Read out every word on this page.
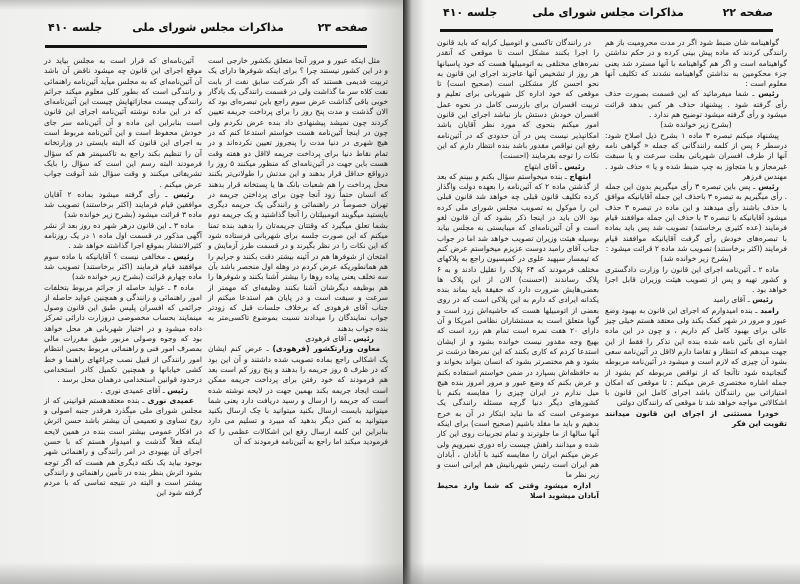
صفحه ۲۳
مذاکرات مجلس شورای ملی
جلسه ۴۱۰

مثل اینکه عبور و مرور آنجا متعلق بکشور خارجی است و در این کشور نیستند چرا ؟ برای اینکه شوفرها دارای یک تربیت قدیمی هستند که اگر شرکت سابق نفت از بابت نفت کلاه سر ما گذاشت ولی در قسمت رانندگی یک یادگار خوبی باقی گذاشت عرض سوم راجع باین تبصره‌ای بود که الان گذشت و مدت پنج روز را برای پرداخت جریمه تعیین کردند چون نمیشد پیشنهادی داد بنده عرض نکردم ولی چون در اینجا آئین‌نامه هست خواستم استدعا کنم که در هیچ شهری در دنیا مدت را پنجروز تعیین نکرده‌اند و در تمام نقاط دنیا برای پرداخت جریمه لااقل دو هفته وقت هست باین جهت در آئین‌نامه‌ای که منظور میکنند ۵ روز را درواقع حداقل قرار بدهند و این مدتش را طولانی‌تر بکنند محل پرداخت را هم شعبات بانک ها یا پستخانه قرار بدهند که انسان حتماً زود آنجا چون برای پرداختن جریمه در تهران خصوصاً در راهنمائی و رانندگی یک جریمه دیگری بایستید میگویند اتومبیلتان را آنجا گذاشتید و یک جریمه دوم بشما تعلق میگیرد که وقتتان جریمه‌تان را بدهید بنده تمنا میکنم که این صورت جلسه برای شهربانی فرستاده شود که این نکات را در نظر بگیرند و در قسمت طرز آزمایش و امتحان از شوفرها هم در آئینه بیشتر دقت بکنند و جرایم را هم همانطوریکه عرض کردم در وهله اول منحصر باشد بآن سه تخلف یعنی پیاده روها را بیشتر آشنا بکنند و شوفرها را هم بوظیفه دیگرشان آشنا بکنند وظیفه‌ای که مهمتر از سرعت و سبقت است و در پایان هم استدعا میکنم از جناب آقای فرهودی که برخلاف جلسات قبل که زودتر جواب نمایندگان را میدادند نسبت بموضوع تاکسی‌متر به بنده جواب بدهند

رئیس ـ آقای فرهودی

معاون وزارتکشور (فرهودی) ـ عرض کنم ایشان یک اشکالی راجع بماده تصویب شده داشتند و آن این بود که در ظرف ۵ روز جریمه را بدهند و پنج روز کم است بعد هم فرمودند که خود رفتن برای پرداخت جریمه ممکن است ایجاد جریمه بکند بهمین جهت در لایحه نوشته شده است که جریمه را ارسال و رسید دریافت دارد یعنی شما میتوانید بایست ارسال بکنید میتوانید با چک ارسال بکنید میتوانید به کس دیگر بدهید که میبرد و تسلیم می دارد بنابراین این کلمه ارسال رفع این اشکالات عظمی را که فرمودید میکند اما راجع به آئین‌نامه فرمودند که آن

آئین‌نامه‌ای که قرار است به مجلس بیاید در موقع اجرای این قانون چه میشود ناقض آن باشد آن آئین‌نامه‌ای که به مجلس میآید آئین‌نامه راهنمائی و رانندگی است که بطور کلی معلوم میکند جرائم رانندگی چیست مجازاتهایش چیست این آئین‌نامه‌ای که در این ماده نوشته آئین‌نامه اجرای این قانون است بنابراین این ماده و آن آئین‌نامه سر جای خودش محفوظ است و این آئین‌نامه مربوط است به اجرای این قانون که البته بایستی در وزارتخانه آن را تنظیم بکند راجع به تاکسیمتر هم که سؤال فرمودند البته رسم این است که سؤال را بایک تشریفاتی میکنند و وقت سؤال شد آنوقت جواب عرض میکنم .

رئیس ـ رأی گرفته میشود بماده ۲ آقایان موافقین قیام فرمایند (اکثر برخاستند) تصویب شد ماده ۳ قرائت میشود (بشرح زیر خوانده شد)

ماده ۳ ـ این قانون درهر شهر ده روز بعد از نشر آگهی مذکور در قسمت اول ماده ۱ در یک روزنامه کثیرالانتشار بموقع اجرا گذاشته خواهد شد .

رئیس ـ مخالفی نیست ؟ آقایانیکه با ماده سوم موافقند قیام فرمایند (اکثر برخاستند) تصویب شد ماده چهارم قرائت (بشرح زیر خوانده شد)

ماده ۴ ـ عواید حاصله از جرائم مربوط بتخلفات امور راهنمائی و رانندگی و همچنین عواید حاصله از جرائمی که افسران پلیس طبق این قانون وصول مینمایند بحساب مخصوصی دروزارت دارائی تمرکز داده میشود و در اختیار شهربانی هر محل خواهد بود که وجوه وصولی مزبور طبق مقررات مالی بمصرف امور فنی و راهنمائی مربوط بحسن انتظام امور رانندگی از قبیل نصب چراغهای راهنما و خط کشی خیابانها و همچنین تکمیل کادر استخدامی درحدود قوانین استخدامی درهمان محل برسد .

رئیس ـ آقای عمیدی نوری .

عمیدی نوری ـ بنده معتقدهستم قوانینی که از مجلس شورای ملی میگذرد هرقدر جنبه اصولی و روح تساوی و تعمیمی آن بیشتر باشد حسن اثرش در افکار عمومی بیشتر است بنده در همین لایحه اینکه فعلاً گذشت و امیدوار هستم که با حسن اجرای آن بهبودی در امر رانندگی و راهنمائی شهر بوجود بیاید یک نکته دیگری هم هست که اگر توجه بشود اثرش بنظر بنده در تأمین راهنمائی و رانندگی بیشتر است و البته در نتیجه تماسی که با مردم گرفته شود این

صفحه ۲۲
مذاکرات مجلس شورای ملی
جلسه ۴۱۰

گواهینامه شان ضبط شود اگر در مدت محرومیت باز هم رانندگی کردند که ماده پیش بینی کرده و در حکم نداشتن گواهینامه است و اگر هم گواهینامه با آنها مسترد شد یعنی جزء محکومین به نداشتن گواهینامه نشدند که تکلیف آنها معلوم است :

رئیس ـ شما میفرمائید که این قسمت بصورت حذف رأی گرفته شود . پیشنهاد حذف هر کس بدهد قرائت میشود و رأی گرفته میشود توضیح هم ندارد .

(بشرح زیر خوانده شد)

پیشنهاد میکنم تبصره ۳ ماده ۱ بشرح ذیل اصلاح شود: درسطر ۶ پس از کلمه رانندگانی که جمله « گواهی نامه آنها از طرف افسران شهربانی بعلت سرعت و یا سبقت غیرمجاز و یا متجاوز به چپ ضبط شده و یا » حذف شود . مهندس فرزهر

رئیس ـ پس باین تبصره ۳ رأی میگیریم بدون این جمله . رأی میگیریم به تبصره ۳ باحذف این جمله آقایانیکه موافق با حذف باشند رأی میدهند و این ماده در تبصره ۳ حذف میشود آقایانیکه با تبصره ۳ با حذف این جمله موافقند قیام فرمایند (عده کثیری برخاستند) تصویب شد پس باید بماده با تبصره‌های خودش رأی گرفت آقایانیکه موافقند قیام فرمایند (اکثر برخاستند) تصویب شد ماده ۲ قرائت میشود :

(بشرح زیر خوانده شد)

ماده ۲ ـ آئین‌نامه اجرای این قانون را وزارت دادگستری و کشور تهیه و پس از تصویب هیئت وزیران قابل اجرا خواهد بود .

رئیس ـ آقای رامبد

رامبد ـ بنده امیدوارم که اجرای این قانون به بهبود وضع عبور و مرور در شهر کمک بکند ولی معتقد هستم خیلی چیز عالی برای بهبود کامل کم داریم ، و چون در این ماده اشاره ای بآئین نامه شده بنده این تذکر را فقط از این جهت میدهم که انتظار و تقاضا دارم لااقل در آئین‌نامه سعی بشود آن چیزی که لازم است و میشود در آئین‌نامه مربوطه گنجانیده شود تاآنجا که از نواقص مربوطه کم بشود از جمله اشاره مختصری عرض میکنم : تا موقعی که امکان امتیازاتی بین رانندگان باشد اجرای کامل این قانون با اشکالاتی مواجه خواهد شد تا موقعی که رانندگان دولتی

خودرا مستثنی از اجرای این قانون میدانند تقویت این فکر

در رانندگان تاکسی و اتومبیل کرایه که باید قانون را اجرا بکنند مشکل است تا موقعی که آنقدر نمره‌های مختلفی به اتومبیلها هست که خود پاسبانها هر روز از تشخیص آنها عاجزند اجرای این قانون به نحو احسن کار مشکلی است (صحیح است) تا موقعی که خود اداره کل شهربانی برای تعلیم و تربیت افسران برای بازرسی کامل در نحوه عمل افسران خودش دستش باز نباشد اجرای این قانون امور میکنم بنحوی که مورد نظر آقایان باشد امکانپذیر نیست پس در آن حدودی که در آئین‌نامه رفع این نواقص مقدور باشد بنده انتظار دارم که این نکات را توجه بفرمایند (احسنت)

رئیس ـ آقای ابتهاج

ابتهاج ـ بنده میخواستم سؤال بکنم و ببینم که بعد از گذشتن ماده ۲ که آئین‌نامه را بعهده دولت واگذار کرده تکلیف قانون قبلی چه خواهد شد قانون قبلی این را موکول به تصویب مجلس شورای ملی کرده بود الان باید در اینجا ذکر بشود که آن قانون لغو است و آن آئین‌نامه‌ای که میبایستی به مجلس بیاید بوسیله هیئت وزیران تصویب خواهد شد اما در جواب جناب آقای رامبد دوست عزیزم میخواستم عرض کنم که تیمسار سپهبد علوی در کمیسیون راجع به پلاکهای مختلف فرمودند که ۶۴ پلاک را تقلیل دادند و به ۶ پلاک رساندند (احسنت) الان از این پلاک ها بعضی‌هایش ضرورت دارد که حقیقة باید بماند بنده یکدانه ایرادی که دارم به این پلاکی است که در روی بعضی از اتومبیلها هست که حاشیه‌اش زرد است و گویا متعلق است به مستشاران نظامی امریکا و آن دارای ۲۰ هفت نمره است تمام هم زرد است که بهیچ وجه مقدور نیست خوانده بشود و از ایشان استدعا کردم که کاری بکنند که این نمره‌ها درشت تر بشود و هم مختصرتر بشود که انسان بتواند بخواند و به حافظه‌اش بسپارد در ضمن خواستم استفاده بکنم و عرض بکنم که وضع عبور و مرور امروز بنده هیچ میل ندارم در ایران چیزی را مقایسه بکنم با کشورهای دیگر دنیا گرچه مسئله رانندگی یک موضوعی است که ما نباید ابتکار در آن به خرج بدهیم و باید ما مقلد باشیم (صحیح است) برای اینکه آنها سالها از ما جلوترند و تمام تجربیات روی این کار شده و میدانند راهش چیست راه دوری نمیرویم ولی عرض میکنم ایران را مقایسه کنید با آبادان ، آبادان هم ایران است رئیس شهربانیش هم ایرانی است و زیر نظر ما

اداره میشود وقتی که شما وارد محیط آبادان میشوید اصلا
